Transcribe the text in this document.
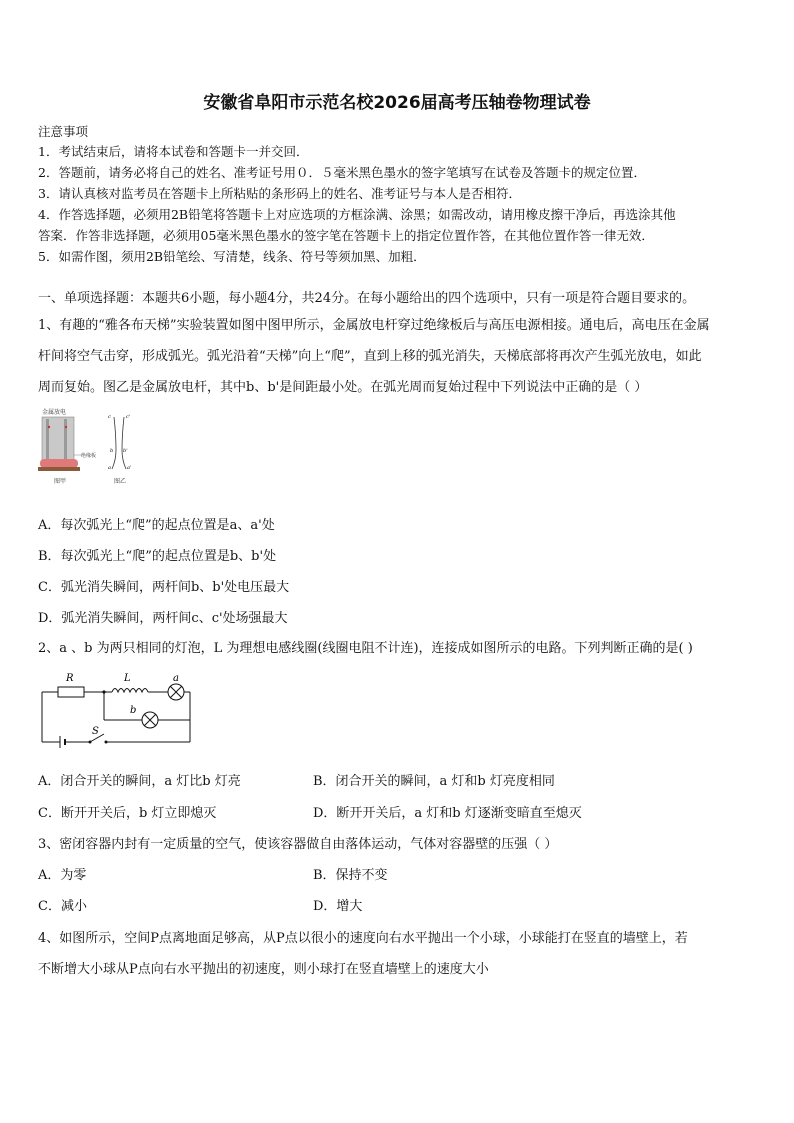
安徽省阜阳市示范名校2026届高考压轴卷物理试卷
注意事项
1．考试结束后，请将本试卷和答题卡一并交回．
2．答题前，请务必将自己的姓名、准考证号用０．５毫米黑色墨水的签字笔填写在试卷及答题卡的规定位置．
3．请认真核对监考员在答题卡上所粘贴的条形码上的姓名、准考证号与本人是否相符．
4．作答选择题，必须用2B铅笔将答题卡上对应选项的方框涂满、涂黑；如需改动，请用橡皮擦干净后，再选涂其他
答案．作答非选择题，必须用05毫米黑色墨水的签字笔在答题卡上的指定位置作答，在其他位置作答一律无效．
5．如需作图，须用2B铅笔绘、写清楚，线条、符号等须加黑、加粗．
一、单项选择题：本题共6小题，每小题4分，共24分。在每小题给出的四个选项中，只有一项是符合题目要求的。
1、有趣的“雅各布天梯”实验装置如图中图甲所示，金属放电杆穿过绝缘板后与高压电源相接。通电后，高电压在金属
杆间将空气击穿，形成弧光。弧光沿着“天梯”向上“爬”，直到上移的弧光消失，天梯底部将再次产生弧光放电，如此
周而复始。图乙是金属放电杆，其中b、b'是间距最小处。在弧光周而复始过程中下列说法中正确的是（ ）
金属放电
绝缘板
c	c'
b b'
a	a'
图甲	图乙
A．每次弧光上“爬”的起点位置是a、a'处
B．每次弧光上“爬”的起点位置是b、b'处
C．弧光消失瞬间，两杆间b、b'处电压最大
D．弧光消失瞬间，两杆间c、c'处场强最大
2、a 、b 为两只相同的灯泡，L 为理想电感线圈(线圈电阻不计连)，连接成如图所示的电路。下列判断正确的是( )
R	L	a
b
S
A．闭合开关的瞬间，a 灯比b 灯亮	B．闭合开关的瞬间，a 灯和b 灯亮度相同
C．断开开关后，b 灯立即熄灭	D．断开开关后，a 灯和b 灯逐渐变暗直至熄灭
3、密闭容器内封有一定质量的空气，使该容器做自由落体运动，气体对容器壁的压强（ ）
A．为零	B．保持不变
C．减小	D．增大
4、如图所示，空间P点离地面足够高，从P点以很小的速度向右水平抛出一个小球，小球能打在竖直的墙壁上，若
不断增大小球从P点向右水平抛出的初速度，则小球打在竖直墙壁上的速度大小
